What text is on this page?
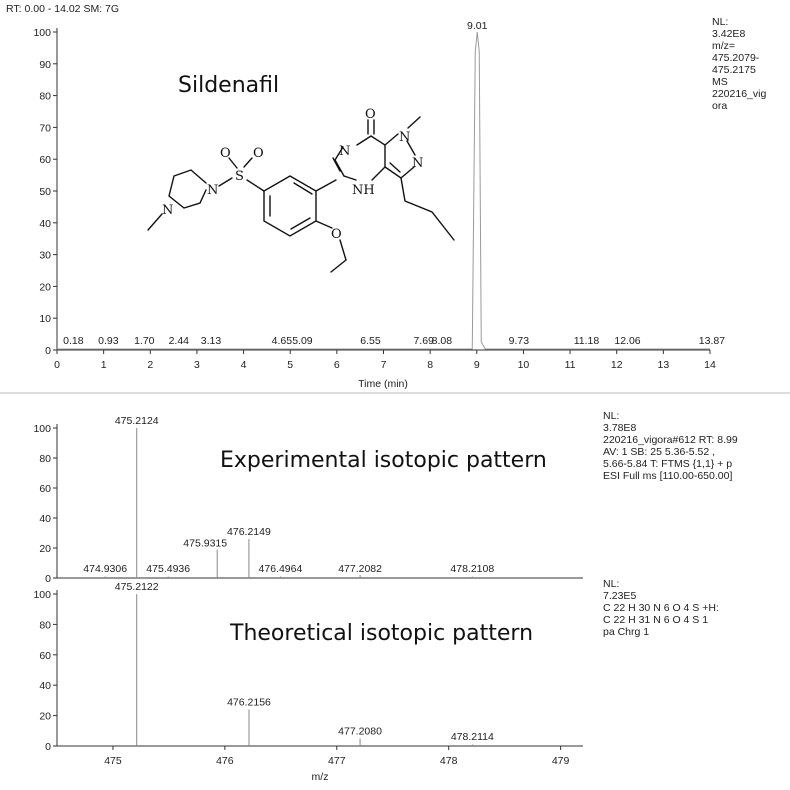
RT: 0.00 - 14.02 SM: 7G
Sildenafil
Time (min)
0
10
20
30
40
50
60
70
80
90
100
0	1	2	3	4	5	6	7	8	9	10	11	12	13	14
9.01
0.18 0.93 1.70 2.44 3.13	4.65 5.09	6.55	7.69
8.08	9.73	11.18 12.06	13.87
NL:
3.42E8
m/z=
475.2079-
475.2175
MS
220216_vig
ora
O
N
N
N
NH
S
O O
N
N
O
Experimental isotopic pattern
0
20
40
60
80
100
475.2124
476.2149
475.9315
477.2082
474.9306 475.4936	476.4964	478.2108
NL:
3.78E8
220216_vigora#612 RT: 8.99
AV: 1 SB: 25 5.36-5.52 ,
5.66-5.84 T: FTMS {1,1} + p
ESI Full ms [110.00-650.00]
Theoretical isotopic pattern
m/z
0
20
40
60
80
100
475	476	477	478	479
475.2122
476.2156
477.2080	478.2114
NL:
7.23E5
C 22 H 30 N 6 O 4 S +H:
C 22 H 31 N 6 O 4 S 1
pa Chrg 1
